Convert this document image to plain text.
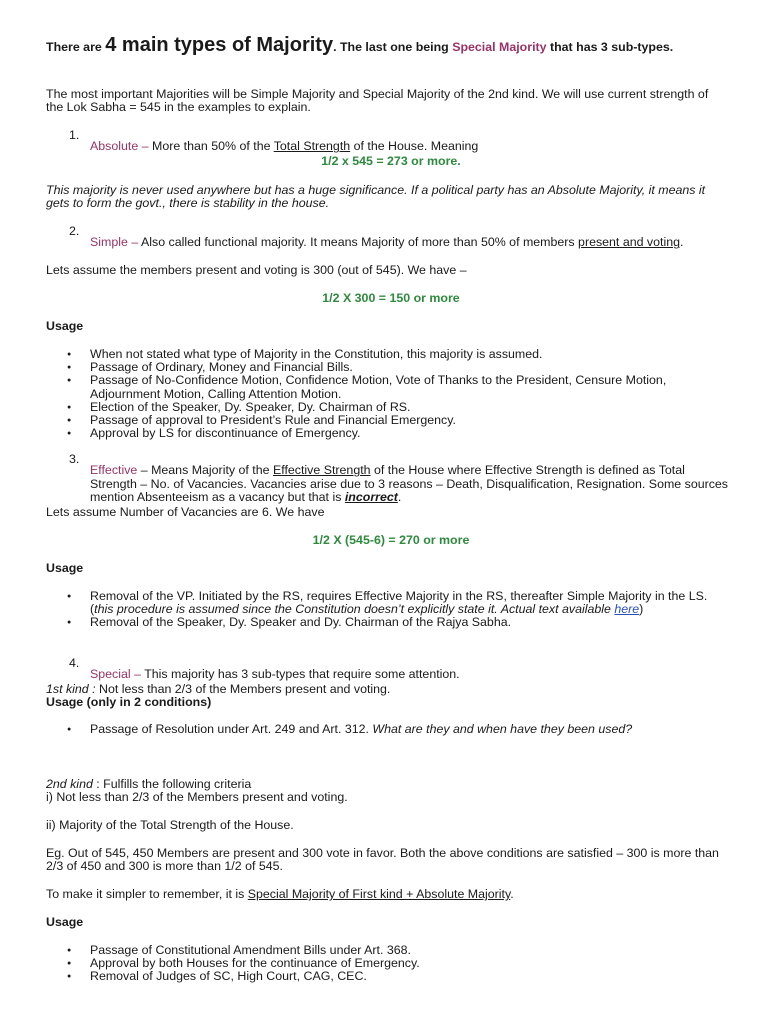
There are 4 main types of Majority. The last one being Special Majority that has 3 sub-types.

The most important Majorities will be Simple Majority and Special Majority of the 2nd kind. We will use current strength of the Lok Sabha = 545 in the examples to explain.

1.

Absolute – More than 50% of the Total Strength of the House. Meaning

1/2 x 545 = 273 or more.

This majority is never used anywhere but has a huge significance. If a political party has an Absolute Majority, it means it gets to form the govt., there is stability in the house.

2.

Simple – Also called functional majority. It means Majority of more than 50% of members present and voting.

Lets assume the members present and voting is 300 (out of 545). We have –

1/2 X 300 = 150 or more

Usage

● When not stated what type of Majority in the Constitution, this majority is assumed.
● Passage of Ordinary, Money and Financial Bills.
● Passage of No-Confidence Motion, Confidence Motion, Vote of Thanks to the President, Censure Motion, Adjournment Motion, Calling Attention Motion.
● Election of the Speaker, Dy. Speaker, Dy. Chairman of RS.
● Passage of approval to President’s Rule and Financial Emergency.
● Approval by LS for discontinuance of Emergency.
3.

Effective – Means Majority of the Effective Strength of the House where Effective Strength is defined as Total Strength – No. of Vacancies. Vacancies arise due to 3 reasons – Death, Disqualification, Resignation. Some sources mention Absenteeism as a vacancy but that is incorrect.

Lets assume Number of Vacancies are 6. We have

1/2 X (545-6) = 270 or more

Usage

● Removal of the VP. Initiated by the RS, requires Effective Majority in the RS, thereafter Simple Majority in the LS. (this procedure is assumed since the Constitution doesn’t explicitly state it. Actual text available here)
● Removal of the Speaker, Dy. Speaker and Dy. Chairman of the Rajya Sabha.
4.

Special – This majority has 3 sub-types that require some attention.

1st kind : Not less than 2/3 of the Members present and voting.

Usage (only in 2 conditions)

● Passage of Resolution under Art. 249 and Art. 312. What are they and when have they been used?

2nd kind : Fulfills the following criteria

i) Not less than 2/3 of the Members present and voting.

ii) Majority of the Total Strength of the House.

Eg. Out of 545, 450 Members are present and 300 vote in favor. Both the above conditions are satisfied – 300 is more than 2/3 of 450 and 300 is more than 1/2 of 545.

To make it simpler to remember, it is Special Majority of First kind + Absolute Majority.

Usage

● Passage of Constitutional Amendment Bills under Art. 368.
● Approval by both Houses for the continuance of Emergency.
● Removal of Judges of SC, High Court, CAG, CEC.
